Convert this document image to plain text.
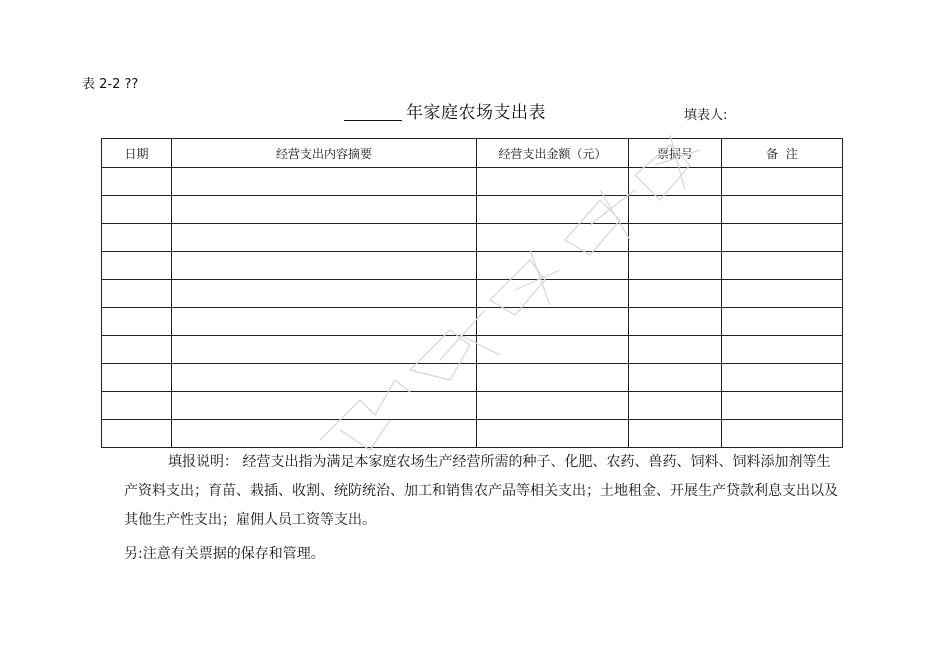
表 2-2 ??
年家庭农场支出表	填表人:
日期	经营支出内容摘要	经营支出金额（元）	票据号	备  注

填报说明： 经营支出指为满足本家庭农场生产经营所需的种子、化肥、农药、兽药、饲料、饲料添加剂等生产资料支出；育苗、栽插、收割、统防统治、加工和销售农产品等相关支出；土地租金、开展生产贷款利息支出以及其他生产性支出；雇佣人员工资等支出。
另:注意有关票据的保存和管理。
